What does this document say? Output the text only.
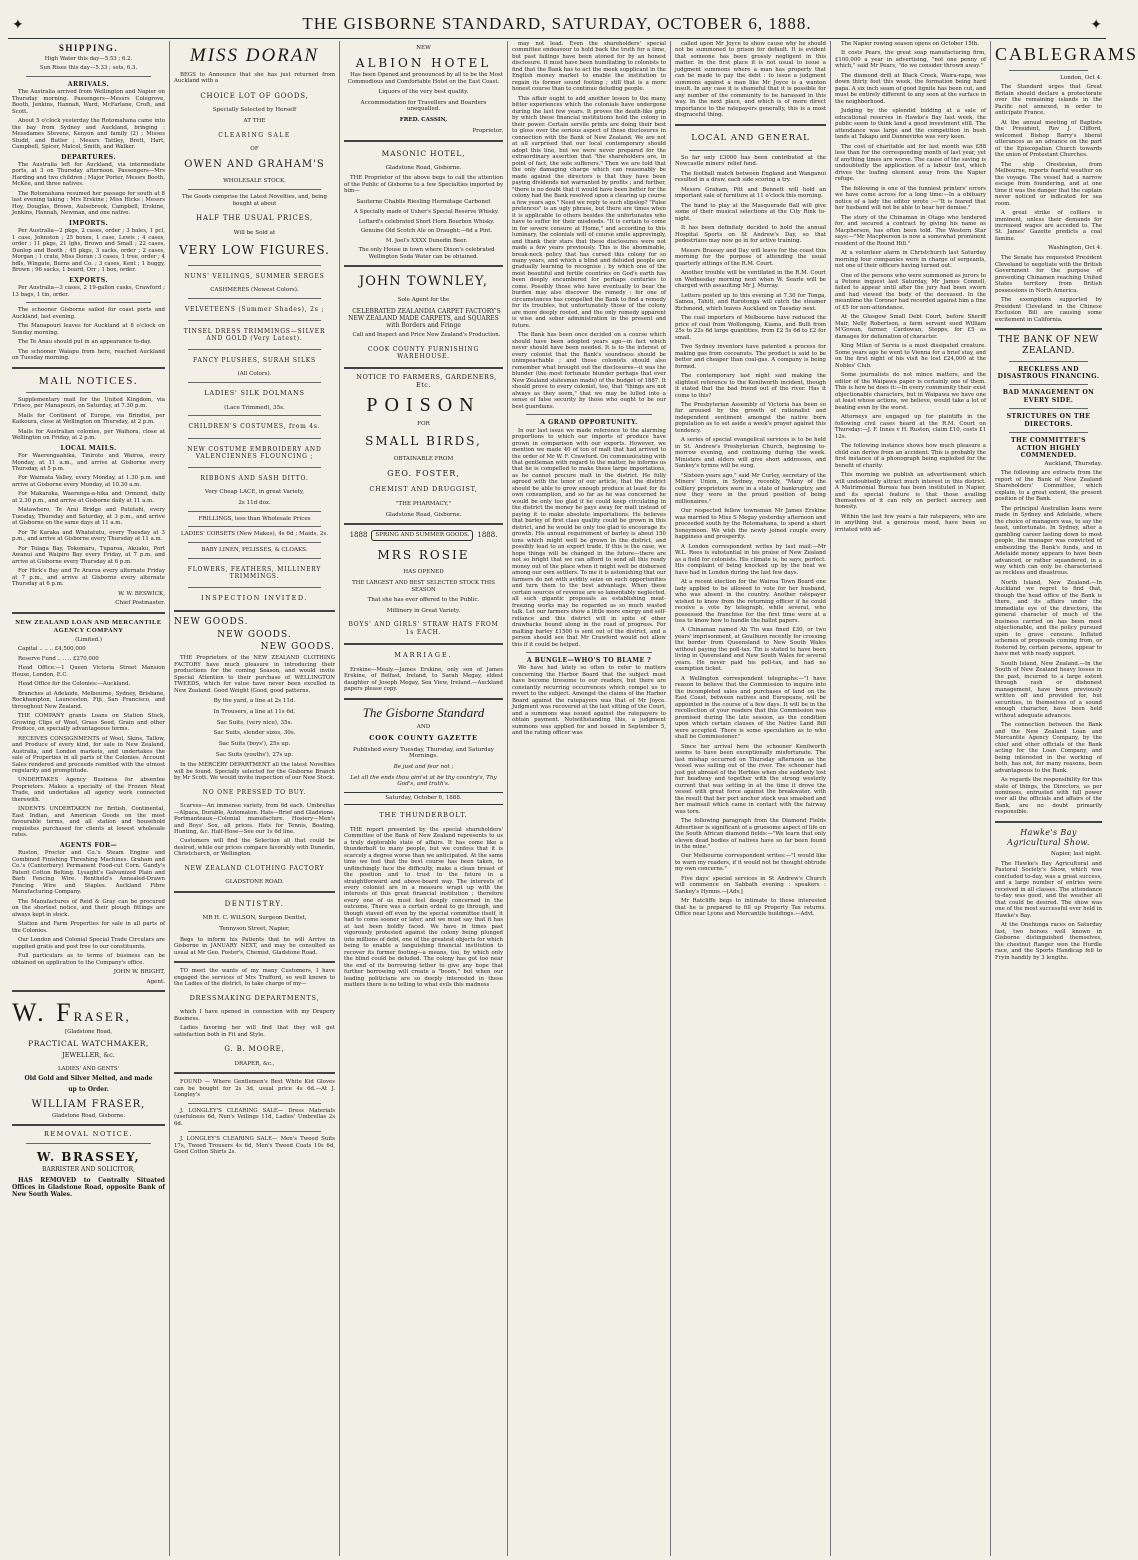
✦	THE GISBORNE STANDARD, SATURDAY, OCTOBER 6, 1888.	✦
SHIPPING.

High Water this day—5.53 ; 6.2.

Sun Rises this day—5.33 ; sets, 6.3.

ARRIVALS.

The Australia arrived from Wellington and Napier on Thursday morning. Passengers—Messrs Colegrove, Booth, Jenkins, Hannah, Ward, McFarlane, Croft, and Scott.

About 5 o'clock yesterday the Rotomahana came into the bay from Sydney and Auckland, bringing : Messdames Stevens, Kenyon and family (2) ; Misses Studd, and Butler ; Messrs Tattley, Brett, Hart, Campbell, Spicer, Malcol, Smith, and Walker.

DEPARTURES.

The Australia left for Auckland, via intermediate ports, at 3 on Thursday afternoon. Passengers—Mrs Harding and two children ; Major Porter, Messrs Booth, McKee, and three natives.

The Rotomahana resumed her passage for south at 8 last evening taking : Mrs Erskine ; Miss Hicks ; Messrs Hoy, Douglas, Brown, Aulsebrook, Campbell, Erskine, Jenkins, Hannah, Newman, and one native.

IMPORTS.

Per Australia—2 pkgs, 2 cases, order ; 3 bales, 1 pcl, 1 case, Johnston ; 25 boxes, 1 case, Lewis ; 4 cases, order ; 11 pkgs, 21 lghs, Brown and Small ; 22 cases, Dunlop and Booth ; 45 pkgs, 3 sacks, order ; 2 cases, Morgan ; 1 crate, Miss Doran ; 3 cases, 1 tree, order ; 4 bdls, Wingate, Burns and Co. ; 3 cases, Kent ; 1 buggy, Brown ; 96 sacks, 1 board, Orr ; 1 box, order.

EXPORTS.

Per Australia—3 cases, 2 19-gallon casks, Crawford ; 13 bags, 1 tin, order.

The schooner Gisborne sailed for coast ports and Auckland, last evening.

The Manapouri leaves for Auckland at 8 o'clock on Sunday morning.

The Te Anau should put in an appearance to-day.

The schooner Waiapu from here, reached Auckland on Tuesday morning.

MAIL NOTICES.

Supplementary mail for the United Kingdom, via 'Frisco, per Manapouri, on Saturday, at 7.30 p.m.

Mails for Continent of Europe, via Brindisi, per Kaikoura, close at Wellington on Thursday, at 2 p.m.

Mails for Australian colonies, per Waihora, close at Wellington on Friday, at 2 p.m.

LOCAL MAILS.

For Waerengaahika, Tiniroto and Wairoa, every Monday, at 11 a.m., and arrive at Gisborne every Thursday, at 5 p.m.

For Waimata Valley, every Monday, at 1.30 p.m. and arrive at Gisborne every Monday, at 10.30 a.m.

For Makaraka, Waerenga-a-hika and Ormond, daily at 2.30 p.m., and arrive at Gisborne daily at 11 a.m.

Matawhero, Te Arai Bridge and Patutahi, every Tuesday, Thursday and Saturday, at 3 p.m., and arrive at Gisborne on the same days at 11 a.m.

For Te Karaka and Whatatutu, every Tuesday at 3 p.m., and arrive at Gisborne every Thursday at 11 a.m.

For Tolaga Bay, Tokomaru, Tuparoa, Akuaku, Port Awanui and Waipiro Bay every Friday, at 7 p.m. and arrive at Gisborne every Thursday at 6 p.m.

For Hick's Bay and Te Araroa every alternate Friday at 7 p.m., and arrive at Gisborne every alternate Thursday at 6 p.m.

W. W. BESWICK,

Chief Postmaster.

NEW ZEALAND LOAN AND MERCANTILE AGENCY COMPANY

(Limited.)

Capital .. .. .. £4,500,000

Reserve Fund .. .. .. £270,000

Head Office:—1 Queen Victoria Street Mansion House, London, E.C.

Head Office for the Colonies:—Auckland.

Branches at Adelaide, Melbourne, Sydney, Brisbane, Rockhampton, Launceston, Fiji, San Francisco, and throughout New Zealand.

THE COMPANY grants Loans on Station Stock, Growing Clips of Wool, Grass Seed, Grain and other Produce, on specially advantageous terms.

RECEIVES CONSIGNMENTS of Wool, Skins, Tallow, and Produce of every kind, for sale in New Zealand, Australia, and London markets, and undertakes the sale of Properties in all parts of the Colonies. Account Sales rendered and proceeds remitted with the utmost regularity and promptitude.

UNDERTAKES Agency Business for absentee Proprietors. Makes a specialty of the Frozen Meat Trade, and undertakes all agency work connected therewith.

INDENTS UNDERTAKEN for British, Continental, East Indian, and American Goods on the most favourable terms, and all station and household requisites purchased for clients at lowest wholesale rates.

AGENTS FOR—

Ruston, Proctor and Co.'s Steam Engine and Combined Finishing Threshing Machines. Graham and Co.'s (Canterbury) Permanent Food-cut Corn. Gandy's Patent Cotton Belting. Lysaght's Galvanized Plain and Barb Fencing Wire. Rentheld's Annealed-Drawn Fencing Wire and Staples. Auckland Fibre Manufacturing Company.

The Manufactures of Reid & Gray can be procured on the shortest notice, and their plough fittings are always kept in stock.

Station and Farm Properties for sale in all parts of the Colonies.

Our London and Colonial Special Trade Circulars are supplied gratis and post free to our constituents.

Full particulars as to terms of business can be obtained on application to the Company's office.

JOHN W. BRIGHT,

Agent.

W. FRASER,

[Gladstone Road,

PRACTICAL WATCHMAKER,

JEWELLER, &c.

LADIES' AND GENTS'

Old Gold and Silver Melted, and made

up to Order.

WILLIAM FRASER,

Gladstone Road, Gisborne.

REMOVAL NOTICE.

W. BRASSEY,

BARRISTER AND SOLICITOR,

HAS REMOVED to Centrally Situated Offices in Gladstone Road, opposite Bank of New South Wales.

MISS DORAN

BEGS to Announce that she has just returned from Auckland with a

CHOICE LOT OF GOODS,
Specially Selected by Herself
AT THE
CLEARING SALE
OF
OWEN AND GRAHAM'S
WHOLESALE STOCK.

The Goods comprise the Latest Novelties, and, being bought at about

HALF THE USUAL PRICES,
Will be Sold at
VERY LOW FIGURES.
NUNS' VEILINGS, SUMMER SERGES
CASHMERES (Newest Colors).
VELVETEENS (Summer Shades), 2s ;
TINSEL DRESS TRIMMINGS—SILVER AND GOLD (Very Latest).
FANCY PLUSHES, SURAH SILKS
(All Colors).
LADIES' SILK DOLMANS
(Lace Trimmed), 35s.
CHILDREN'S COSTUMES, from 4s.
NEW COSTUME EMBROIDERY AND VALENCIENNES FLOUNCING ;
RIBBONS AND SASH DITTO.
Very Cheap LACE, in great Variety,
2s 11d doz.
FRILLINGS, less than Wholesale Prices
LADIES' CORSETS (New Makes), 4s 6d ; Maids, 2s.
BABY LINEN, PELISSES, & CLOAKS.
FLOWERS, FEATHERS, MILLINERY TRIMMINGS.
INSPECTION INVITED.
NEW GOODS.
NEW GOODS.
NEW GOODS.

THE Proprietors of the NEW ZEALAND CLOTHING FACTORY have much pleasure in introducing their productions for the coming Season, and would invite Special Attention to their purchase of WELLINGTON TWEEDS, which for value have never been excelled in New Zealand. Good Weight (Good, good patterns.

By the yard, a line at 2s 11d.
In Trousers, a line at 11s 6d.
Sac Suits, (very nice), 35s.
Sac Suits, slender sizes, 30s.
Sac Suits (boys'), 25s up.
Sac Suits (youths'), 27s up.

In the MERCERY DEPARTMENT all the latest Novelties will be found. Specially selected for the Gisborne Branch by Mr Scott. We would invite inspection of our New Stock.

NO ONE PRESSED TO BUY.

Scarves—An immense variety, from 6d each. Umbrellas—Alpaca, Durable, Automaton. Hats—Brief and Gladstone. Portmanteaux—Colonial manufacture. Hosiery—Men's and Boys' Sox, all prices. Hats for Tennis, Boating, Hunting, &c. Half-Hose—See our 1s 6d line.

Customers will find the Selection all that could be desired, while our prices compare favorably with Dunedin, Christchurch, or Wellington.

NEW ZEALAND CLOTHING FACTORY
GLADSTONE ROAD.
DENTISTRY.
MR H. C. WILSON, Surgeon Dentist,
Tennyson Street, Napier,

Begs to inform his Patients that he will Arrive in Gisborne in JANUARY NEXT, and may be consulted as usual at Mr Geo. Foster's, Chemist, Gladstone Road.

TO meet the wants of my many Customers, I have engaged the services of Mrs Trafford, so well known to the Ladies of the district, to take charge of my—

DRESSMAKING DEPARTMENTS,

which I have opened in connection with my Drapery Business.

Ladies favoring her will find that they will get satisfaction both in Fit and Style.

G. B. MOORE,
DRAPER, &c.,

FOUND — Where Gentlemen's Best White Kid Gloves can be bought for 2s 3d, usual price 4s 6d.—At J. Longley's

J. LONGLEY'S CLEARING SALE— Dress Materials (usefulness 6d, Nun's Veilings 11d, Ladies' Umbrellas 2s 6d.

J. LONGLEY'S CLEARING SALE— Men's Tweed Suits 17s, Tweed Trousers 4s 6d, Men's Tweed Coats 10s 6d, Good Cotton Shirts 2s.

NEW
ALBION HOTEL

Has been Opened and pronounced by all to be the Most Commodious and Comfortable Hotel on the East Coast.

Liquors of the very best quality.
Accommodation for Travellers and Boarders unequalled.
FRED. CASSIN,
Proprietor.
MASONIC HOTEL,
Gladstone Road, Gisborne.

THE Proprietor of the above begs to call the attention of the Public of Gisborne to a few Specialties imported by him—

Sauterne Chablis Riesling Hermitage Carbonet

A Specialty made of Usher's Special Reserve Whisky.

Loftard's celebrated Short Horn Bourbon Whisky.

Genuine Old Scotch Ale on Draught:—6d a Pint.

M. Joel's XXXX Dunedin Beer.

The only House in town where Dixon's celebrated Wellington Soda Water can be obtained.

JOHN TOWNLEY,
Sole Agent for the

CELEBRATED ZEALANDIA CARPET FACTORY'S NEW ZEALAND MADE CARPETS, and SQUARES with Borders and Fringe

Call and Inspect and Price New Zealand's Production.

COOK COUNTY FURNISHING WAREHOUSE.

NOTICE TO FARMERS, GARDENERS, Etc.

POISON
FOR
SMALL BIRDS,
OBTAINABLE FROM
GEO. FOSTER,
CHEMIST AND DRUGGIST,
"THE PHARMACY,"
Gladstone Road, Gisborne.
1888	SPRING AND SUMMER GOODS.	1888.
MRS ROSIE
HAS OPENED

THE LARGEST AND BEST SELECTED STOCK THIS SEASON

That she has ever offered to the Public.
Millinery in Great Variety.
BOYS' AND GIRLS' STRAW HATS FROM 1s EACH.
MARRIAGE.

Erskine—Mealy.—James Erskine, only son of James Erskine, of Belfast, Ireland, to Sarah Megay, eldest daughter of Joseph Megay, Sea View, Ireland.—Auckland papers please copy.

The Gisborne Standard
AND
COOK COUNTY GAZETTE
Published every Tuesday, Thursday, and Saturday Mornings.
Be just and fear not ;
Let all the ends thou aim'st at be thy country's, Thy God's, and truth's.
Saturday, October 6, 1888.
THE THUNDERBOLT.

THE report presented by the special shareholders' Committee of the Bank of New Zealand represents to us a truly deplorable state of affairs. It has come like a thunderbolt to many people, but we confess that it is scarcely a degree worse than we anticipated. At the same time we feel that the best course has been taken, to unflinchingly face the difficulty, make a clean breast of the position and to trust to the future in a straightforward and above-board way. The interests of every colonist are in a measure wrapt up with the interests of this great financial institution ; therefore every one of us must feel deeply concerned in the outcome. There was a certain ordeal to go through, and though staved off even by the special committee itself, it had to come sooner or later, and we must say that it has at last been boldly faced. We have in times past vigorously protested against the colony being plunged into millions of debt, one of the greatest objects for which being to enable a languishing financial institution to recover its former footing—a means, too, by which only the blind could be deluded. The colony has got too near the end of its borrowing tether to give any hope that further borrowing will create a "boom," but when our leading politicians are so deeply interested in these matters there is no telling to what evils this madness

may not lead. Even the shareholders' special committee endeavour to hold back the truth for a time, but past failings have been atoned for by an honest disclosure. It must have been humiliating to colonists to find that the Bank has to act the meek supplicant in the English money market to enable the institution to regain its former sound footing ; still that is a more honest course than to continue deluding people.

This affair ought to add another lesson to the many bitter experiences which the colonials have undergone during the last few years. It proves the death-like grip by which these financial institutions hold the colony in their power. Certain servile prints are doing their best to gloss over the serious aspect of these disclosures in connection with the Bank of New Zealand. We are not at all surprised that our local contemporary should adopt this line, but we were never prepared for the extraordinary assertion that "the shareholders are, in point of fact, the sole sufferers." Then we are told that the only damaging charge which can reasonably be made against the directors is that they have been paying dividends not warranted by profits ; and further, "there is no doubt that it would have been better for the colony had the Bank resolved upon a clearing up course a few years ago." Need we reply to such slipslop? "False pretences" is an ugly phrase, but there are times when it is applicable to others besides the unfortunates who have to suffer for their misdeeds. "It is certain to come in for severe censure at Home," and according to this luminary, the colonials will of course smile approvingly, and thank their stars that these disclosures were not made a few years previously. This is the abominable, break-neck policy that has cursed this colony for so many years, and which a blind and deluded people are gradually learning to recognise ; by which one of the most beautiful and fertile countries on God's earth has been deeply encumbered for perhaps centuries to come. Possibly those who have eventually to bear the burden may also discover the remedy : for one of circumstances has compelled the Bank to find a remedy for its troubles, but unfortunately those of the colony are more deeply rooted, and the only remedy apparent is wise and sober administration in the present and future.

The Bank has been once decided on a course which should have been adopted years ago—in fact which never should have been needed. It is to the interest of every colonist that the Bank's soundness should be unimpeachable ; and those colonists should also remember what brought out the disclosures—it was the blunder (the most fortunate blunder perhaps that ever New Zealand statesman made) of the budget of 1887. It should prove to every colonist, too, that "things are not always as they seem," that we may be lulled into a sense of false security by those who ought to be our best guardians.

A GRAND OPPORTUNITY.

In our last issue we made reference to the alarming proportions to which our imports of produce have grown in comparison with our exports. However, we mention we made 40 of ton of malt that had arrived to the order of Mr W. F. Crawford. On communicating with that gentleman with regard to the matter, he informs us that he is compelled to make these large importations, as he cannot procure malt in the district. He fully agreed with the tenor of our article, that the district should be able to grow enough produce at least for its own consumption, and so far as he was concerned he would be only too glad if he could keep circulating in the district the money he pays away for malt instead of paying it to make absolute importations. He believes that barley of first class quality could be grown in this district, and he would be only too glad to encourage its growth. His annual requirement of barley is about 150 tons which might well be grown in the district, and possibly lead to an export trade. If this is the case, we hope things will be changed in the future—there are not so bright that we can afford to send all this ready money out of the place when it might well be disbursed among our own settlers. To me it is astonishing that our farmers do not with avidity seize on such opportunities and turn them to the best advantage. When these certain sources of revenue are so lamentably neglected, all such gigantic proposals as establishing meat-freezing works may be regarded as so much wasted talk. Let our farmers show a little more energy and self-reliance and this district will in spite of other drawbacks bound along in the road of progress. For malting barley £1500 is sent out of the district, and a person should see that Mr Crawford would not allow this if it could be helped.

A BUNGLE—WHO'S TO BLAME ?

We have had lately so often to refer to matters concerning the Harbor Board that the subject must have become tiresome to our readers, but there are constantly recurring occurrences which compel us to revert to the subject. Amongst the claims of the Harbor Board against the ratepayers was that of Mr Joyce. Judgment was recovered at the last sitting of the Court, and a summons was issued against the ratepayers to obtain payment. Notwithstanding this, a judgment summons was applied for and issued in September 5, and the rating officer was

called upon Mr Joyce to show cause why he should not be summoned to prison for default. It is evident that someone has been grossly negligent in this matter. In the first place it is not usual to issue a judgment summons where a man has property that can be made to pay the debt : to issue a judgment summons against a man like Mr Joyce is a wanton insult. In any case it is shameful that it is possible for any number of the community to be harassed in this way. In the next place, and which is of more direct importance to the ratepayers generally, this is a most disgraceful thing.

LOCAL AND GENERAL

So far only £3000 has been contributed at the Newcastle miners' relief fund.

The football match between England and Wanganui resulted in a draw, each side scoring a try.

Messrs Graham, Pitt and Bennett will hold an important sale of furniture at 11 o'clock this morning.

The band to play at the Masquerade Ball will give some of their musical selections at the City Rink to-night.

It has been definitely decided to hold the annual Hospital Sports on St Andrew's Day, so that pedestrians may now go in for active training.

Messrs Brassey and Day will leave for the coast this morning for the purpose of attending the usual quarterly sittings of the R.M. Court.

Another trouble will be ventilated in the R.M. Court on Wednesday morning next when W. Searle will be charged with assaulting Mr J. Murray.

Letters posted up to this evening at 7.30 for Tonga, Samoa, Tahiti, and Rarotonga will catch the steamer Richmond, which leaves Auckland on Tuesday next.

The coal importers of Melbourne have reduced the price of coal from Wollongong, Kiama, and Bulli from 25s to 22s 6d large quantities, from £2 5s 6d to £2 for small.

Two Sydney inventors have patented a process for making gas from cocoanuts. The product is said to be better and cheaper than coal-gas. A company is being formed.

The contemporary last night said making the slightest reference to the Kenilworth incident, though it stated that the bad friend out of the river. Has it come to this?

The Presbyterian Assembly of Victoria has been so far aroused by the growth of rationalist and independent sentiment amongst the native born population as to set aside a week's prayer against this tendency.

A series of special evangelical services is to be held in St. Andrew's Presbyterian Church, beginning to-morrow evening, and continuing during the week. Ministers and elders will give short addresses, and Sankey's hymns will be sung.

"Sixteen years ago," said Mr Curley, secretary of the Miners' Union, in Sydney, recently, "Many of the colliery proprietors were in a state of bankruptcy, and now they were in the proud position of being millionaires."

Our respected fellow townsman Mr James Erskine was married to Miss S Megay yesterday afternoon and proceeded south by the Rotomahana, to spend a short honeymoon. We wish the newly joined couple every happiness and prosperity.

A London correspondent writes by last mail:—Mr W.L. Rees is substantial in his praise of New Zealand as a field for colonists. His climate is, he says, perfect. His complaint of being knocked up by the heat we have had in London during the last few days.

At a recent election for the Wairoa Town Board one lady applied to be allowed to vote for her husband, who was absent in the country. Another ratepayer wished to know from the returning officer if he could receive a vote by telegraph, while several, who possessed the franchise for the first time were at a loss to know how to handle the ballot papers.

A Chinaman named Ah Tin was fined £30, or two years' imprisonment, at Goulburn recently for crossing the border from Queensland to New South Wales without paying the poll-tax. Tin is stated to have been living in Queensland and New South Wales for several years. He never paid his poll-tax, and had no exemption ticket.

A Wellington correspondent telegraphs:—"I have reason to believe that the Commission to inquire into the incompleted sales and purchases of land on the East Coast, between natives and Europeans, will be appointed in the course of a few days. It will be in the recollection of your readers that this Commission was promised during the late session, as the condition upon which certain clauses of the Native Land Bill were accepted. There is some speculation as to who shall be Commissioner."

Since her arrival here the schooner Kenilworth seems to have been exceptionally misfortunate. The last mishap occurred on Thursday afternoon as the vessel was sailing out of the river. The schooner had just got abreast of the Herbies when she suddenly lost her headway and together with the strong westerly current that was setting in at the time it drove the vessel with great force against the breakwater, with the result that her port anchor stock was smashed and her mainsail which came in contact with the fairway was torn.

The following paragraph from the Diamond Fields Advertiser is significant of a gruesome aspect of life on the South African diamond fields:—"We learn that only eleven dead bodies of natives have so far been found in the mine."

Our Melbourne correspondent writes:—"I would like to warn my readers, if it would not be thought obtrude my own concerns."

Five days' special services in St Andrew's Church will commence on Sabbath evening : speakers : Sankey's Hymns.—[Adv.]

Mr Ratcliffe begs to intimate to those interested that he is prepared to fill up Property Tax returns. Office near Lyons and Mercantile buildings.—Advt.

The Napier rowing season opens on October 15th.

It costs Pears, the great soap manufacturing firm, £100,000 a year in advertising, "not one penny of which," said Mr Pears, "do we consider thrown away."

The diamond drill at Black Creek, Waira-rapa, was down thirty feet this week, the formation being hard papa. A six inch seam of good lignite has been cut, and must be entirely different to any seen at the surface in the neighborhood.

Judging by the splendid bidding at a sale of educational reserves in Hawke's Bay last week, the public seem to think land a good investment still. The attendance was large and the competition in bush lands at Takapu and Dannevirke was very keen.

The cost of charitable aid for last month was £88 less than for the corresponding month of last year, yet if anything times are worse. The cause of the saving is undoubtedly the application of a labour test, which drives the loafing element away from the Napier refuge.

The following is one of the funniest printers' errors we have come across for a long time:—In a obituary notice of a lady the editor wrote :—"It is feared that her husband will not be able to bear her demise."

The story of the Chinaman in Otago who tendered for, and secured a contract by giving his name as Macpherson, has often been told. The Western Star says:—"Mr Macpherson is now a somewhat prominent resident of the Round Hill."

At a volunteer alarm in Christchurch last Saturday morning four companies were in charge of sergeants, not one of their officers having turned out.

One of the persons who were summoned as jurors to a Petone inquest last Saturday, Mr James Connell, failed to appear until after the jury had been sworn and had viewed the body of the deceased. In the meantime the Coroner had recorded against him a fine of £5 for non-attendance.

At the Glasgow Small Debt Court, before Sheriff Mair, Nelly Robertson, a farm servant sued William M'Gowan, farmer, Cardowan, Stepps, for £5 as damages for defamation of character.

King Milan of Servia is a most dissipated creature. Some years ago he went to Vienna for a brief stay, and on the first night of his visit he lost £24,000 at the Nobles' Club.

Some journalists do not mince matters, and the editor of the Waipawa paper is certainly one of them. This is how he does it:—In every community their exist objectionable characters, but in Waipawa we have one at least whose actions, we believe, would take a lot of beating even by the worst.

Attorneys are engaged up for plaintiffs in the following civil cases heard at the R.M. Court on Thursday:—J. F. Innes v H. Ruston, claim £10, costs £1 12s.

The following instance shows how much pleasure a child can derive from an accident. This is probably the first instance of a phonograph being exploited for the benefit of charity.

This morning we publish an advertisement which will undoubtedly attract much interest in this district. A Matrimonial Bureau has been instituted in Napier, and its special feature is that those availing themselves of it can rely on perfect secrecy and honesty.

Within the last few years a fair ratepayers, who are in anything but a generous mood, have been so irritated with ad-

CABLEGRAMS

London, Oct 4.

The Standard urges that Great Britain should declare a protectorate over the remaining islands in the Pacific not annexed, in order to anticipate France.

At the annual meeting of Baptists the President, Rev J. Clifford, welcomed Bishop Barry's liberal utterances as an advance on the part of the Episcopalian Church towards the union of Protestant Churches.

The ship Orestesian, from Melbourne, reports fearful weather on the voyage. The vessel had a narrow escape from foundering, and at one time it was the danger that the captain never noticed or indicated for sea room.

A great strike of colliers is imminent, unless their demands for increased wages are acceded to. The St. James' Gazette predicts a coal famine.

Washington, Oct 4.

The Senate has requested President Cleveland to negotiate with the British Government for the purpose of preventing Chinamen reaching United States territory from British possessions in North America.

The exemptions supported by President Cleveland in the Chinese Exclusion Bill are causing some excitement in California.

THE BANK OF NEW ZEALAND.
RECKLESS AND DISASTROUS FINANCING.
BAD MANAGEMENT ON EVERY SIDE.
STRICTURES ON THE DIRECTORS.
THE COMMITTEE'S ACTION HIGHLY COMMENDED.

Auckland, Thursday.

The following are extracts from the report of the Bank of New Zealand Shareholders' Committee, which explain, to a great extent, the present position of the Bank.

The principal Australian loans were made in Sydney and Adelaide, where the choice of managers was, to say the least, unfortunate. In Sydney, after a gambling career lasting down to most people, the manager was convicted of embezzling the Bank's funds, and in Adelaide money appears to have been advanced, or rather squandered, in a way which can only be characterised as reckless and disastrous.

North Island, New Zealand.—In Auckland we regret to find that, though the head office of the Bank is there, and its affairs under the immediate eye of the directors, the general character of much of the business carried on has been most objectionable, and the policy pursued open to grave censure. Inflated schemes of proposals coming from, or fostered by, certain persons, appear to have met with ready support.

South Island, New Zealand.—In the South of New Zealand heavy losses in the past, incurred to a large extent through rash or dishonest management, have been previously written off and provided for, but securities, in themselves of a sound enough character, have been held without adequate advances.

The connection between the Bank and the New Zealand Loan and Mercantile Agency Company, by the chief and other officials of the Bank acting for the Loan Company, and being interested in the working of both, has not, for many reasons, been advantageous to the Bank.

As regards the responsibility for this state of things, the Directors, as per nominees, entrusted with full power over all the officials and affairs of the Bank, are no doubt primarily responsible.

Hawke's Bay Agricultural Show.

Napier, last night.

The Hawke's Bay Agricultural and Pastoral Society's Show, which was concluded to-day, was a great success, and a large number of entries were received in all classes. The attendance to-day was good, and the weather all that could be desired. The show was one of the most successful ever held in Hawke's Bay.

At the Onehunga races on Saturday last, two horses well known in Gisborne distinguished themselves, the chestnut Ranger won the Hurdle race, and the Sports Handicap fell to Fryin handily by 3 lengths.
